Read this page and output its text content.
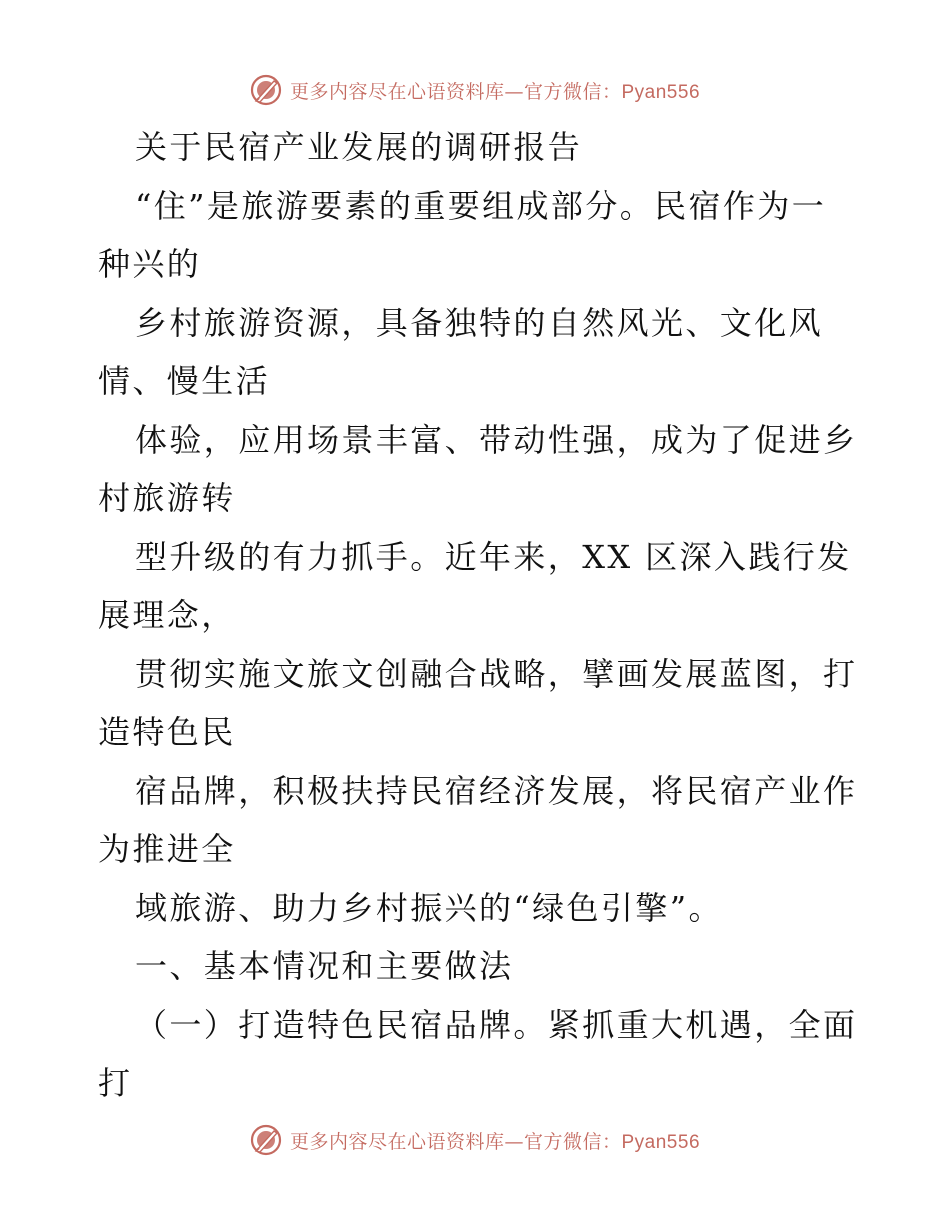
更多内容尽在心语资料库—官方微信：Pyan556
关于民宿产业发展的调研报告
“住”是旅游要素的重要组成部分。民宿作为一
种兴的
乡村旅游资源，具备独特的自然风光、文化风
情、慢生活
体验，应用场景丰富、带动性强，成为了促进乡
村旅游转
型升级的有力抓手。近年来，XX 区深入践行发
展理念，
贯彻实施文旅文创融合战略，擘画发展蓝图，打
造特色民
宿品牌，积极扶持民宿经济发展，将民宿产业作
为推进全
域旅游、助力乡村振兴的“绿色引擎”。
一、基本情况和主要做法
（一）打造特色民宿品牌。紧抓重大机遇，全面
打
更多内容尽在心语资料库—官方微信：Pyan556
